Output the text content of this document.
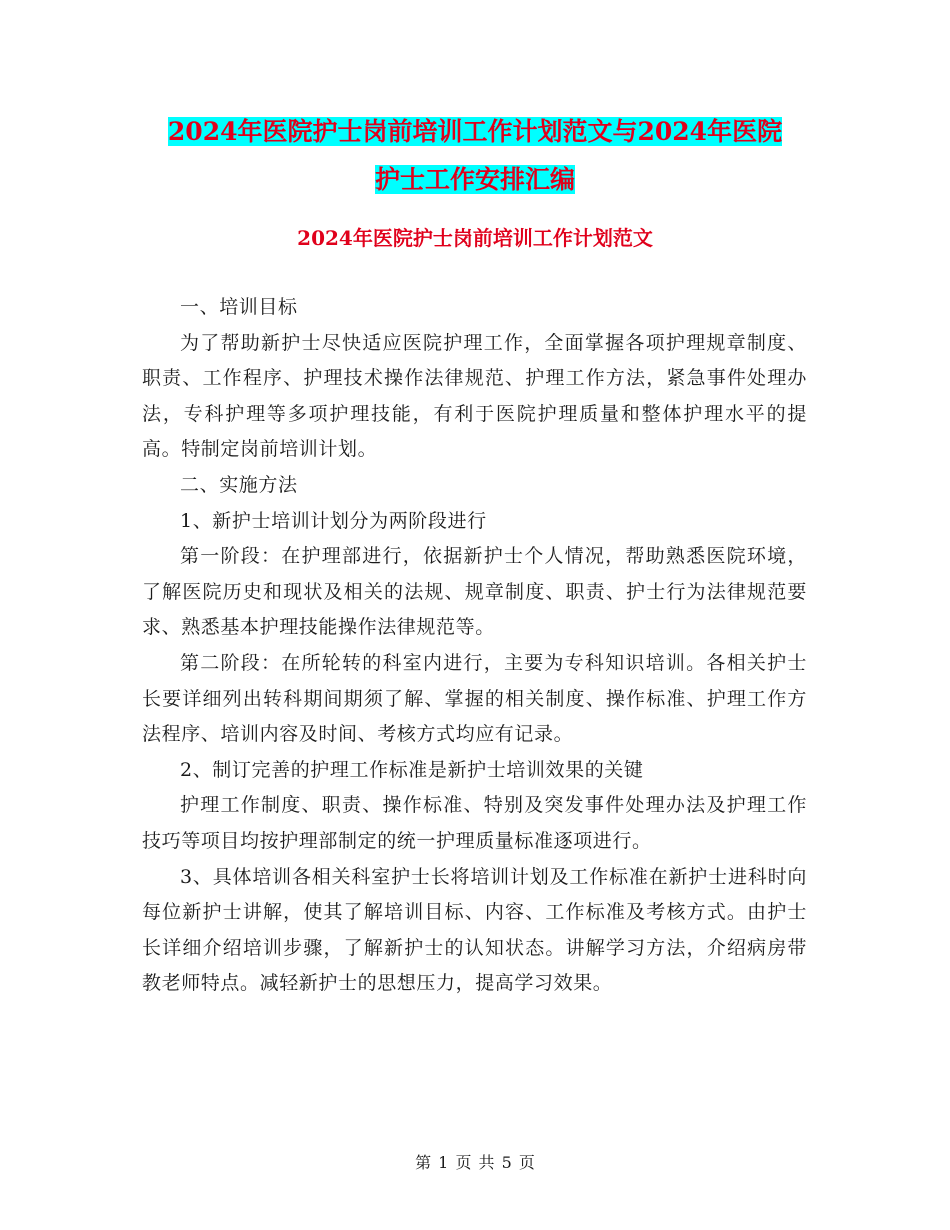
2024年医院护士岗前培训工作计划范文与2024年医院
护士工作安排汇编
2024年医院护士岗前培训工作计划范文

一、培训目标

为了帮助新护士尽快适应医院护理工作，全面掌握各项护理规章制度、职责、工作程序、护理技术操作法律规范、护理工作方法，紧急事件处理办法，专科护理等多项护理技能，有利于医院护理质量和整体护理水平的提高。特制定岗前培训计划。

二、实施方法

1、新护士培训计划分为两阶段进行

第一阶段：在护理部进行，依据新护士个人情况，帮助熟悉医院环境，了解医院历史和现状及相关的法规、规章制度、职责、护士行为法律规范要求、熟悉基本护理技能操作法律规范等。

第二阶段：在所轮转的科室内进行，主要为专科知识培训。各相关护士长要详细列出转科期间期须了解、掌握的相关制度、操作标准、护理工作方法程序、培训内容及时间、考核方式均应有记录。

2、制订完善的护理工作标准是新护士培训效果的关键

护理工作制度、职责、操作标准、特别及突发事件处理办法及护理工作技巧等项目均按护理部制定的统一护理质量标准逐项进行。

3、具体培训各相关科室护士长将培训计划及工作标准在新护士进科时向每位新护士讲解，使其了解培训目标、内容、工作标准及考核方式。由护士长详细介绍培训步骤，了解新护士的认知状态。讲解学习方法，介绍病房带教老师特点。减轻新护士的思想压力，提高学习效果。

第 1 页 共 5 页
